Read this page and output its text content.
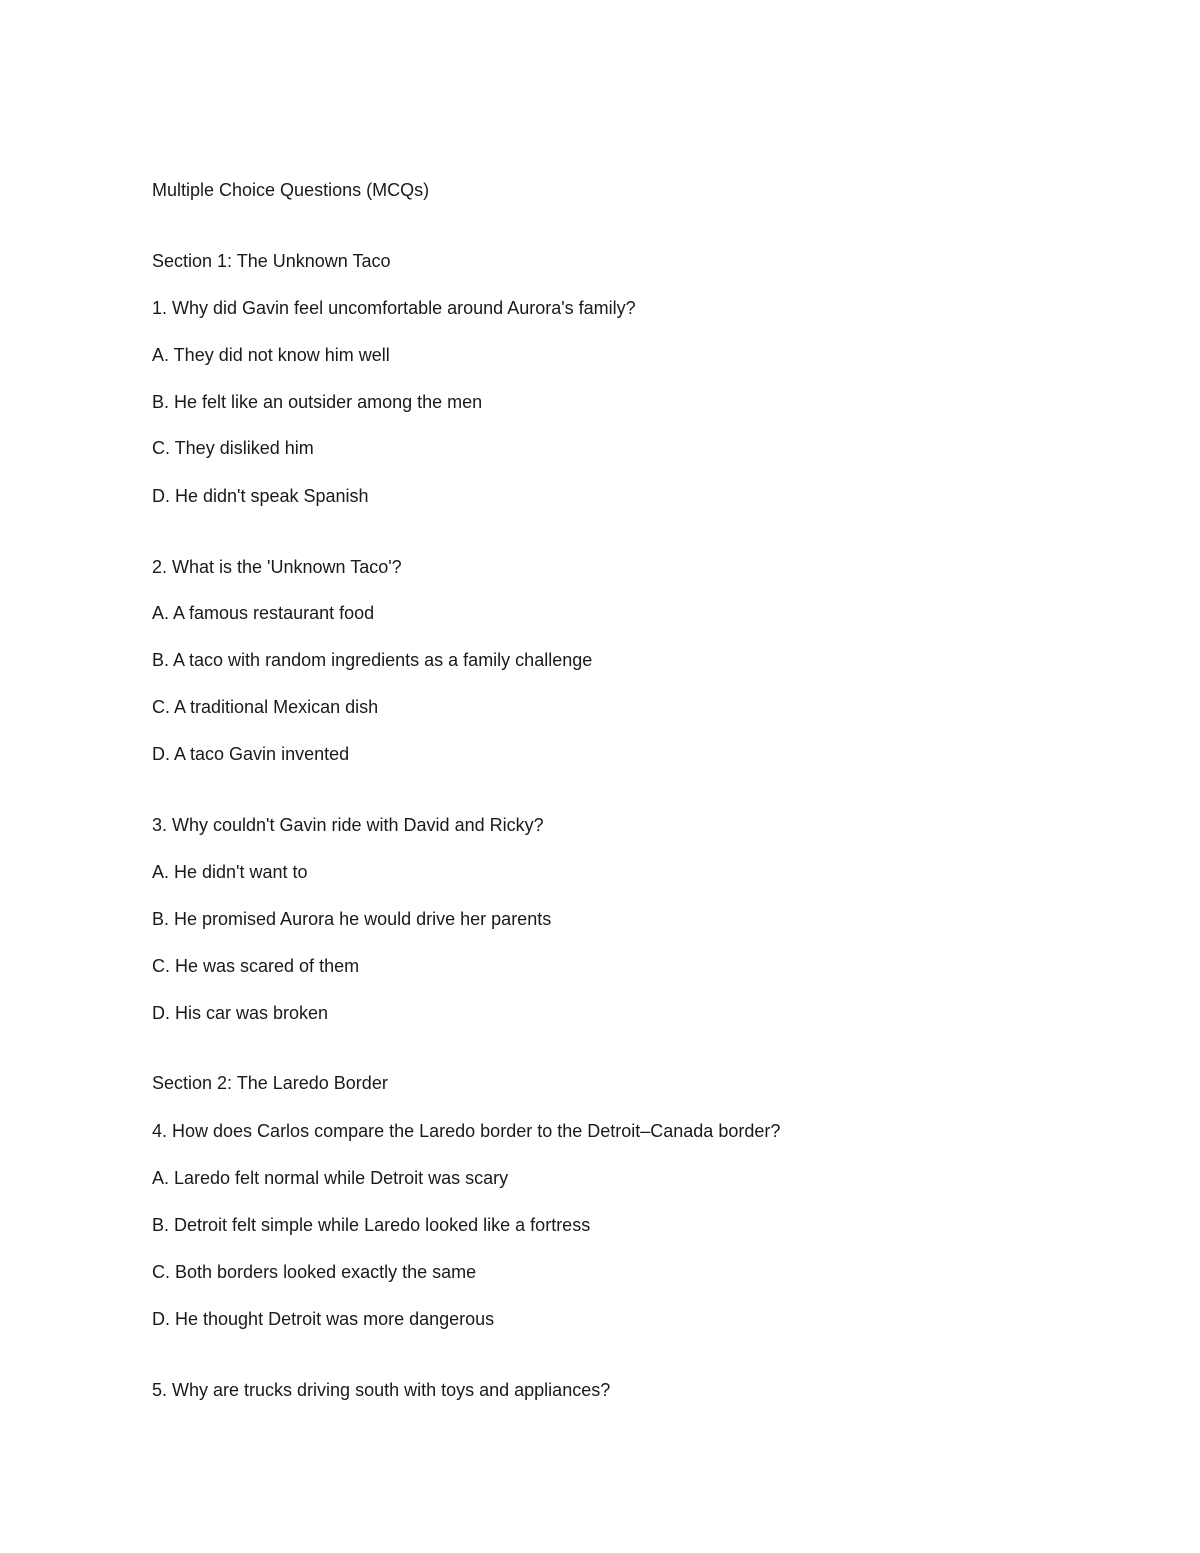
Multiple Choice Questions (MCQs)
Section 1: The Unknown Taco
1. Why did Gavin feel uncomfortable around Aurora's family?
A. They did not know him well
B. He felt like an outsider among the men
C. They disliked him
D. He didn't speak Spanish
2. What is the 'Unknown Taco'?
A. A famous restaurant food
B. A taco with random ingredients as a family challenge
C. A traditional Mexican dish
D. A taco Gavin invented
3. Why couldn't Gavin ride with David and Ricky?
A. He didn't want to
B. He promised Aurora he would drive her parents
C. He was scared of them
D. His car was broken
Section 2: The Laredo Border
4. How does Carlos compare the Laredo border to the Detroit–Canada border?
A. Laredo felt normal while Detroit was scary
B. Detroit felt simple while Laredo looked like a fortress
C. Both borders looked exactly the same
D. He thought Detroit was more dangerous
5. Why are trucks driving south with toys and appliances?
